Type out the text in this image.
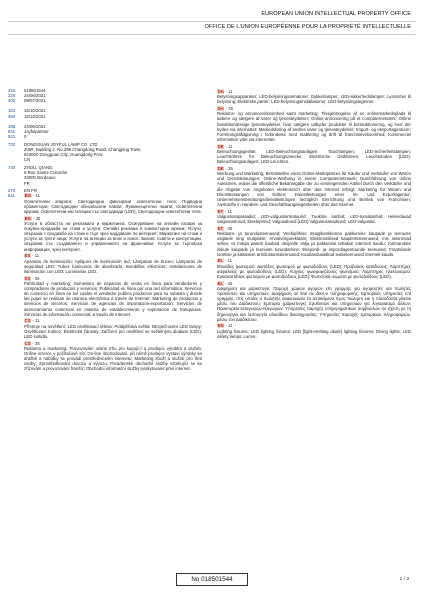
EUROPEAN UNION INTELLECTUAL PROPERTY OFFICE
OFFICE DE L'UNION EUROPÉENNE POUR LA PROPRIÉTÉ INTELLECTUELLE
210	018501544
220	24/06/2021
400	08/07/2021
151	15/10/2021
450	18/10/2021
186	24/06/2031
541	Joyfulpartner
521	0
732	DONGGUAN JOYFUL LAMP CO. LTD
206#, Building 2, No.296 Changdong Road, Changping Town,
523000 Dongguan City, Guangdong Prov.
CN
740	ZHOU, QIANG
6 Rue Sainte Colombe
33000 Bordeaux
FR
270	EN FR
511	BG - 11
Осветителни апарати; Светодиодни фиксирани осветителни тела; Подводни прожектори; Светодиодни обезопасени лампи; Луминесцентни лампи; Осветителни крушки; Осветителни инсталации със светодиоди (LED); Светодиодни осветителни тела.
BG - 35
Услуги в областта на рекламата и маркетинга; Осигуряване на онлайн пазари за покупко-продажба на стоки и услуги; Онлайн реклама в компютърна мрежа; Услуги, свързани с продажба на стоки и търг чрез наддаване по интернет; Маркетинг на стоки и услуги за трети лица; Услуги на агенции за внос и износ; Бизнес съвети и консултации, свързани със създаването и управлението на франчайзи; Услуги за търговска информация, чрез интернет.
ES - 11
Aparatos de iluminación; Apliques de iluminación led; Lámparas de buceo; Lámparas de seguridad LED; Tubos luminosos de alumbrado; Bombillas eléctricas; Instalaciones de iluminación con LED; Luminarias LED.
ES - 35
Publicidad y marketing; Suministro de espacios de venta en línea para vendedores y compradores de productos y servicios; Publicidad en línea por una red informática; Servicios de comercio en línea en los cuales el vendedor publica productos para su subasta y donde las pujas se realizan de manera electrónica a través de Internet; Marketing de productos y servicios de terceros; Servicios de agencias de importación-exportación; Servicios de asesoramiento comercial en materia de establecimiento y explotación de franquicias; Servicios de información comercial, a través de Internet.
CS - 11
Přístroje na osvětlení; LED osvětlovací tělesa; Potápěčská světla; Bezpečnostní LED lampy; Osvětlovací trubice; Elektrické žárovky; Zařízení pro osvětlení se světelnými diodami (LED); LED svítidla.
CS - 35
Reklama a marketing; Provozování online trhu pro kupující a prodejce výrobků a služeb; Online inzerce v počítačové síti; On-line obchodování, při němž prodejce vystaví výrobky ke dražbě a nabídky se provádí prostřednictvím internetu; Marketing zboží a služeb pro třetí osoby; Zprostředkování dovozu a vývozu; Poradenské obchodní služby vztahující se ke zřízování a provozování franšíz; Obchodní informační služby poskytované přes internet.
DA - 11
Belysningsapparater; LED-belysningsarmaturer; Dykkerlamper; LED-sikkerhedslamper; Lysstofrør til belysning; Elektriske pærer; LED-belysningsinstallationer; LED-belysningslegemer.
DA - 35
Reklame- og annoncevirksomhed samt marketing; Tilvejebringelse af en onlinemarkedsplads til købere og sælgere af varer og tjenesteydelser; Online-annoncering på et computernetværk; Online handelsmæssige tjenesteydelser, hvor sælgere udbyder produkter til bortauktionering, og hvor der bydes via internettet; Markedsføring af andres varer og tjenesteydelser; Import- og eksportagenturer; Forretningsrådgivning i forbindelse med etablering og drift af franchisevirksomhed; Kommerciel information ydet via internettet.
DE - 11
Beleuchtungsgeräte; LED-Beleuchtungsanlagen; Tauchlampen; LED-Sicherheitslampen; Leuchtröhren für Beleuchtungszwecke; Elektrische Glühbirnen; Leuchtdioden [LED]-Beleuchtungsanlagen; LED-Leuchten.
DE - 35
Werbung und Marketing; Bereitstellen eines Online-Marktplatzes für Käufer und Verkäufer von Waren und Dienstleistungen; Online-Werbung in einem Computernetzwerk; Durchführung von online Auktionen, wobei die öffentliche Bekanntgabe der zu versteigernden Artikel durch den Verkäufer und die Abgabe von Angeboten elektronisch über das Internet erfolgt; Marketing für Waren und Dienstleistungen von Dritten; Dienstleistungen einer Im- und Exportagentur; Unternehmensberatungsdienstleistungen bezüglich Einrichtung und Betrieb von Franchisen; Auskünfte in Handels- und Geschäftsangelegenheiten über das Internet.
ET - 11
Valgustusaparaadid; LED-valgustiarmatuurid; Tuukrite lambid; LED-turvalambid; Helendavad valgustustorud; Elektripirnid; Valgusdioodi [LED] valgustusseadmed; LED-valgustid.
ET - 35
Reklaam- ja turundusteenused; Veebipõhise müügikeskkonna pakkumine kaupade ja teenuste ostjatele ning müüjatele; Arvutivõrgureklaam; Elektroonilised kauplemisteenused, mis seisnevad selles, et müüja paneb kaubad oksjonile välja ja pakkumisi tehakse interneti kaudu; Kolmandate isikute kaupade ja teenuste turundamine; Ekspordi- ja impordiagentuuride teenused; Frantsiiside loomise ja käitamise ärinõustamisteenused; Kaubandusalikud teabeteenused interneti kaudu.
EL - 11
Μονάδες φωτισμού; Διατάξεις φωτισμού με φωτοδιόδους (LED); Προβολείς καταδύσεις; Λαμπτήρες ασφαλείας με φωτοδιόδους (LED); Λυχνίες φωσφοριζόυσες φωτισμού; Λαμπτήρες ηλεκτρισμού; Εγκαταστάσεις φωτισμού με φωτοδιόδους [LED]; Φωτιστικά σώματα με φωτοδιόδους (LED).
EL - 35
Διαφήμιση και μάρκετινγκ; Παροχή χώρων αγορών επί γραμμής για αγοραστές και πωλητές προϊόντων και υπηρεσιών; Διαφήμιση on line σε δίκτυο πληροφορικής; Εμπορικές υπηρεσίες επί γραμμής, στις οποίες ο πωλητής ανακοινώνει τα αντικείμενα προς πώληση και η πλειοδοσία γίνεται μέσω του Διαδικτύου; Εμπορία (μάρκετινγκ) προϊόντων και υπηρεσιών για λογαριασμό άλλων; Πρακτορεία εισαγωγών-εξαγωγών; Υπηρεσίες παροχής επιχειρηματικών συμβουλών σε σχέση με τη δημιουργία και λειτουργία αλυσίδων δικαιοχρησίας; Υπηρεσίες παροχής εμπορικών πληροφοριών, μέσω του Διαδικτύου.
EN - 11
Lighting fixtures; LED lighting fixtures; LED [light-emitting diode] lighting fixtures; Diving lights; LED safety lamps; Lumin-
No 018501544	1 / 3
